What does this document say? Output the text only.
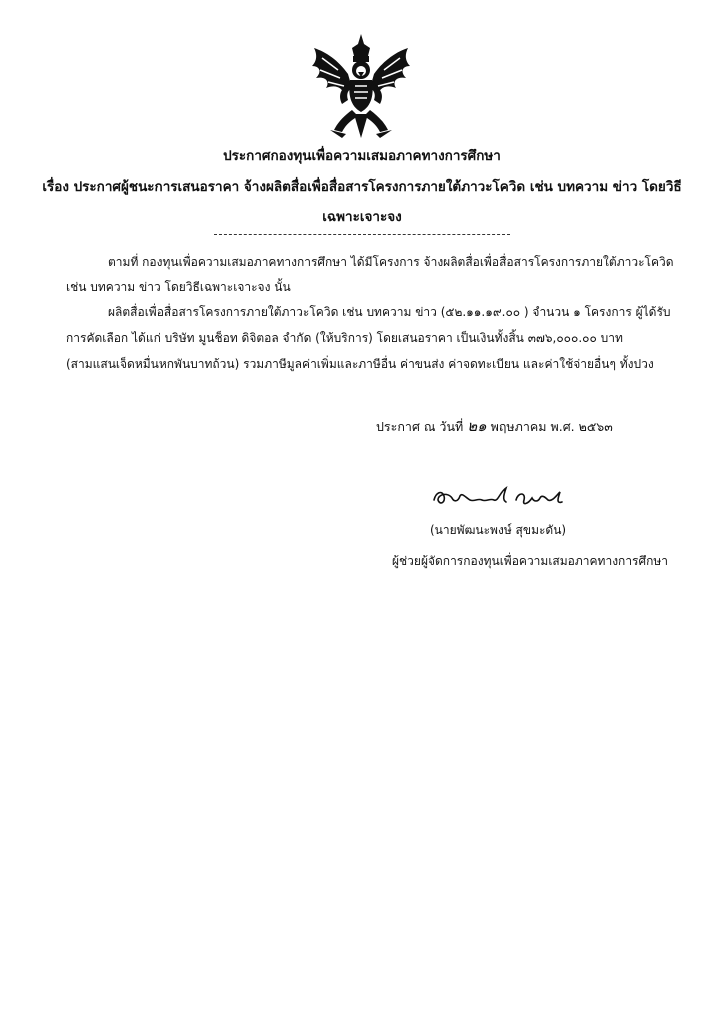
ประกาศกองทุนเพื่อความเสมอภาคทางการศึกษา
เรื่อง ประกาศผู้ชนะการเสนอราคา จ้างผลิตสื่อเพื่อสื่อสารโครงการภายใต้ภาวะโควิด เช่น บทความ ข่าว โดยวิธี
เฉพาะเจาะจง
ตามที่ กองทุนเพื่อความเสมอภาคทางการศึกษา ได้มีโครงการ จ้างผลิตสื่อเพื่อสื่อสารโครงการภายใต้ภาวะโควิด
เช่น บทความ ข่าว โดยวิธีเฉพาะเจาะจง นั้น
ผลิตสื่อเพื่อสื่อสารโครงการภายใต้ภาวะโควิด เช่น บทความ ข่าว (๕๒.๑๑.๑๙.๐๐ ) จำนวน ๑ โครงการ ผู้ได้รับ
การคัดเลือก ได้แก่ บริษัท มูนช็อท ดิจิตอล จำกัด (ให้บริการ) โดยเสนอราคา เป็นเงินทั้งสิ้น ๓๗๖,๐๐๐.๐๐ บาท
(สามแสนเจ็ดหมื่นหกพันบาทถ้วน) รวมภาษีมูลค่าเพิ่มและภาษีอื่น ค่าขนส่ง ค่าจดทะเบียน และค่าใช้จ่ายอื่นๆ ทั้งปวง
ประกาศ ณ วันที่ ๒๑ พฤษภาคม พ.ศ. ๒๕๖๓
(นายพัฒนะพงษ์ สุขมะดัน)
ผู้ช่วยผู้จัดการกองทุนเพื่อความเสมอภาคทางการศึกษา
